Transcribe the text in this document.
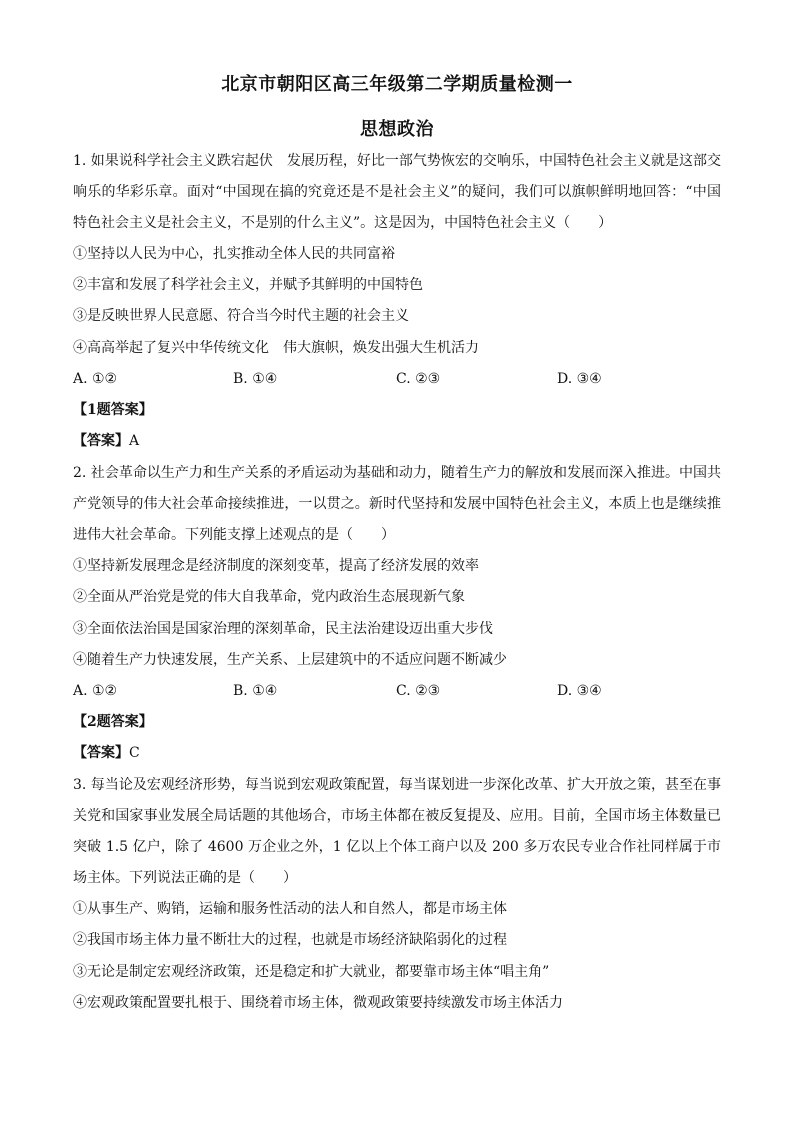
北京市朝阳区高三年级第二学期质量检测一
思想政治
1. 如果说科学社会主义跌宕起伏　发展历程，好比一部气势恢宏的交响乐，中国特色社会主义就是这部交响乐的华彩乐章。面对“中国现在搞的究竟还是不是社会主义”的疑问，我们可以旗帜鲜明地回答：“中国特色社会主义是社会主义，不是别的什么主义”。这是因为，中国特色社会主义（　　）
①坚持以人民为中心，扎实推动全体人民的共同富裕
②丰富和发展了科学社会主义，并赋予其鲜明的中国特色
③是反映世界人民意愿、符合当今时代主题的社会主义
④高高举起了复兴中华传统文化　伟大旗帜，焕发出强大生机活力
A. ①②	B. ①④	C. ②③	D. ③④
【1题答案】
【答案】A
2. 社会革命以生产力和生产关系的矛盾运动为基础和动力，随着生产力的解放和发展而深入推进。中国共产党领导的伟大社会革命接续推进，一以贯之。新时代坚持和发展中国特色社会主义，本质上也是继续推进伟大社会革命。下列能支撑上述观点的是（　　）
①坚持新发展理念是经济制度的深刻变革，提高了经济发展的效率
②全面从严治党是党的伟大自我革命，党内政治生态展现新气象
③全面依法治国是国家治理的深刻革命，民主法治建设迈出重大步伐
④随着生产力快速发展，生产关系、上层建筑中的不适应问题不断减少
A. ①②	B. ①④	C. ②③	D. ③④
【2题答案】
【答案】C
3. 每当论及宏观经济形势，每当说到宏观政策配置，每当谋划进一步深化改革、扩大开放之策，甚至在事关党和国家事业发展全局话题的其他场合，市场主体都在被反复提及、应用。目前，全国市场主体数量已突破 1.5 亿户，除了 4600 万企业之外，1 亿以上个体工商户以及 200 多万农民专业合作社同样属于市场主体。下列说法正确的是（　　）
①从事生产、购销，运输和服务性活动的法人和自然人，都是市场主体
②我国市场主体力量不断壮大的过程，也就是市场经济缺陷弱化的过程
③无论是制定宏观经济政策，还是稳定和扩大就业，都要靠市场主体“唱主角”
④宏观政策配置要扎根于、围绕着市场主体，微观政策要持续激发市场主体活力
